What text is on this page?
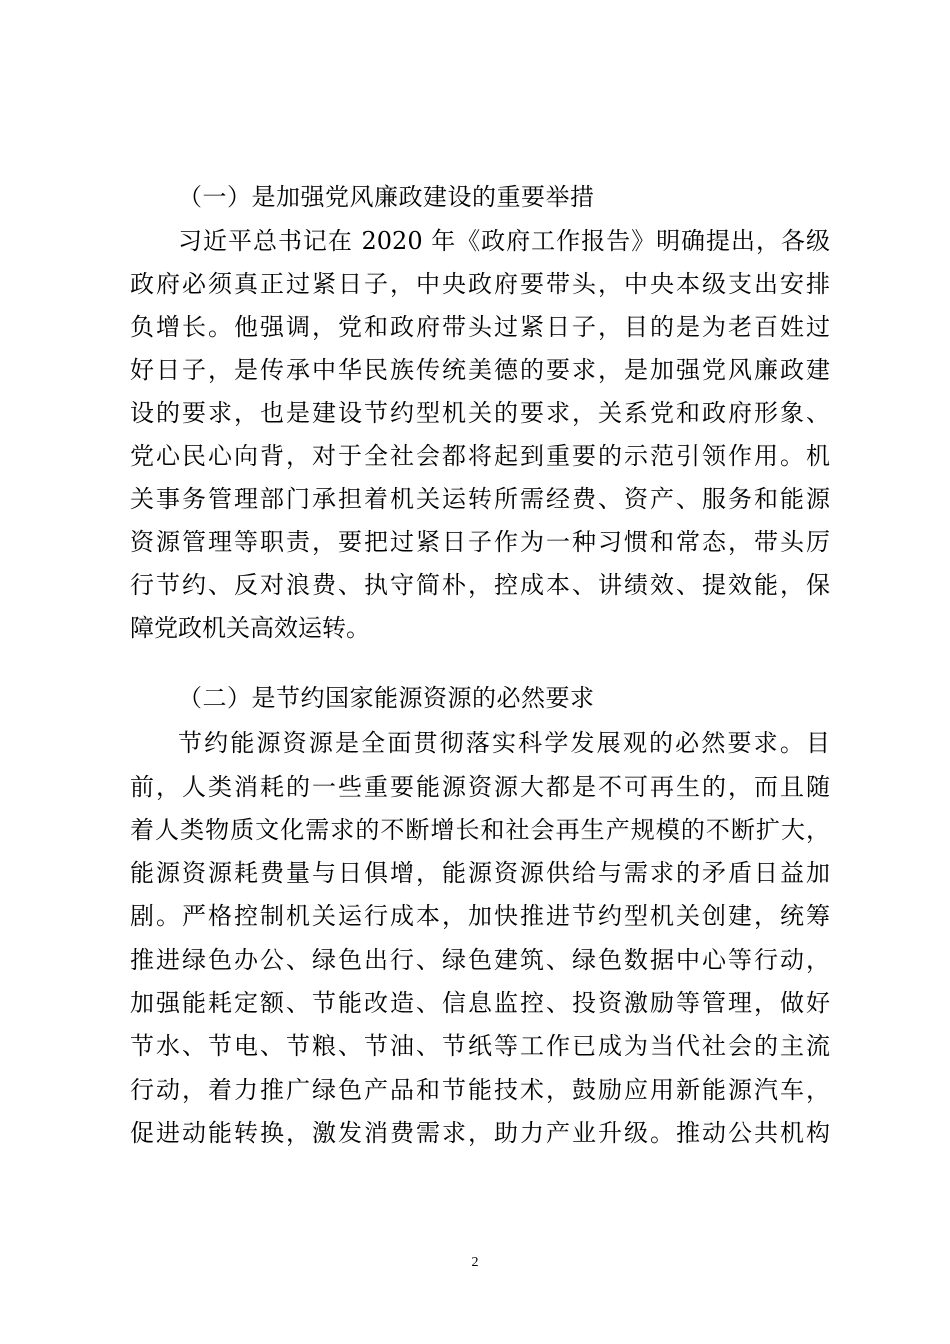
（一）是加强党风廉政建设的重要举措
习近平总书记在 2020 年《政府工作报告》明确提出，各级
政府必须真正过紧日子，中央政府要带头，中央本级支出安排
负增长。他强调，党和政府带头过紧日子，目的是为老百姓过
好日子，是传承中华民族传统美德的要求，是加强党风廉政建
设的要求，也是建设节约型机关的要求，关系党和政府形象、
党心民心向背，对于全社会都将起到重要的示范引领作用。机
关事务管理部门承担着机关运转所需经费、资产、服务和能源
资源管理等职责，要把过紧日子作为一种习惯和常态，带头厉
行节约、反对浪费、执守简朴，控成本、讲绩效、提效能，保
障党政机关高效运转。
（二）是节约国家能源资源的必然要求
节约能源资源是全面贯彻落实科学发展观的必然要求。目
前，人类消耗的一些重要能源资源大都是不可再生的，而且随
着人类物质文化需求的不断增长和社会再生产规模的不断扩大，
能源资源耗费量与日俱增，能源资源供给与需求的矛盾日益加
剧。严格控制机关运行成本，加快推进节约型机关创建，统筹
推进绿色办公、绿色出行、绿色建筑、绿色数据中心等行动，
加强能耗定额、节能改造、信息监控、投资激励等管理，做好
节水、节电、节粮、节油、节纸等工作已成为当代社会的主流
行动，着力推广绿色产品和节能技术，鼓励应用新能源汽车，
促进动能转换，激发消费需求，助力产业升级。推动公共机构
2
